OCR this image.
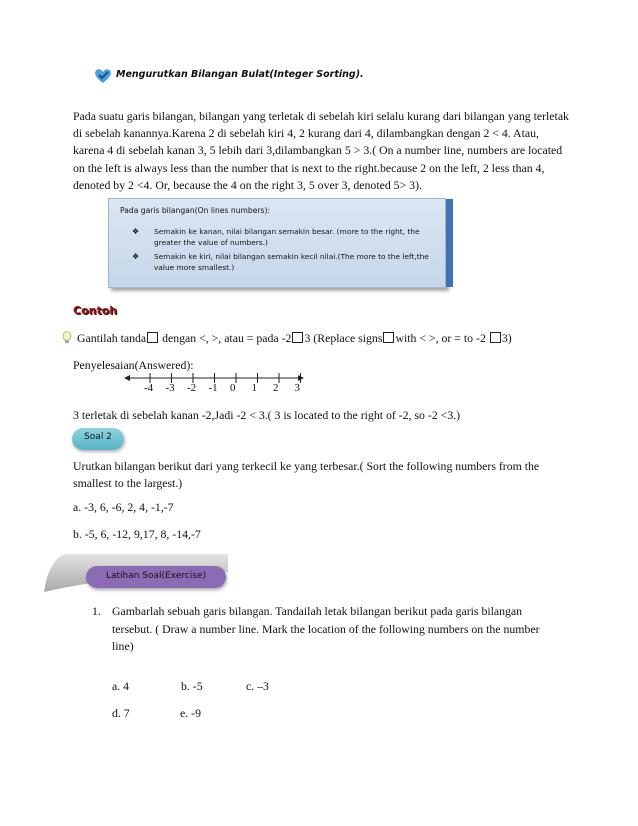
Mengurutkan Bilangan Bulat(Integer Sorting).
Pada suatu garis bilangan, bilangan yang terletak di sebelah kiri selalu kurang dari bilangan yang terletak di sebelah kanannya.Karena 2 di sebelah kiri 4, 2 kurang dari 4, dilambangkan dengan 2 < 4. Atau, karena 4 di sebelah kanan 3, 5 lebih dari 3,dilambangkan 5 > 3.( On a number line, numbers are located on the left is always less than the number that is next to the right.because 2 on the left, 2 less than 4, denoted by 2 <4. Or, because the 4 on the right 3, 5 over 3, denoted 5> 3).
Pada garis bilangan(On lines numbers):
❖	Semakin ke kanan, nilai bilangan semakin besar. (more to the right, the greater the value of numbers.)
❖	Semakin ke kiri, nilai bilangan semakin kecil nilai.(The more to the left,the value more smallest.)
Contoh
Gantilah tanda dengan <, >, atau = pada -2 3 (Replace signs with < >, or = to -2 3)
Penyelesaian(Answered):
-4 -3 -2 -1 0 1 2 3
3 terletak di sebelah kanan -2,Jadi -2 < 3.( 3 is located to the right of -2, so -2 <3.)
Soal 2
Urutkan bilangan berikut dari yang terkecil ke yang terbesar.( Sort the following numbers from the smallest to the largest.)
a. -3, 6, -6, 2, 4, -1,-7
b. -5, 6, -12, 9,17, 8, -14,-7
Latihan Soal(Exercise)
1. Gambarlah sebuah garis bilangan. Tandailah letak bilangan berikut pada garis bilangan tersebut. ( Draw a number line. Mark the location of the following numbers on the number line)
a. 4	b. -5	c. –3
d. 7	e. -9
